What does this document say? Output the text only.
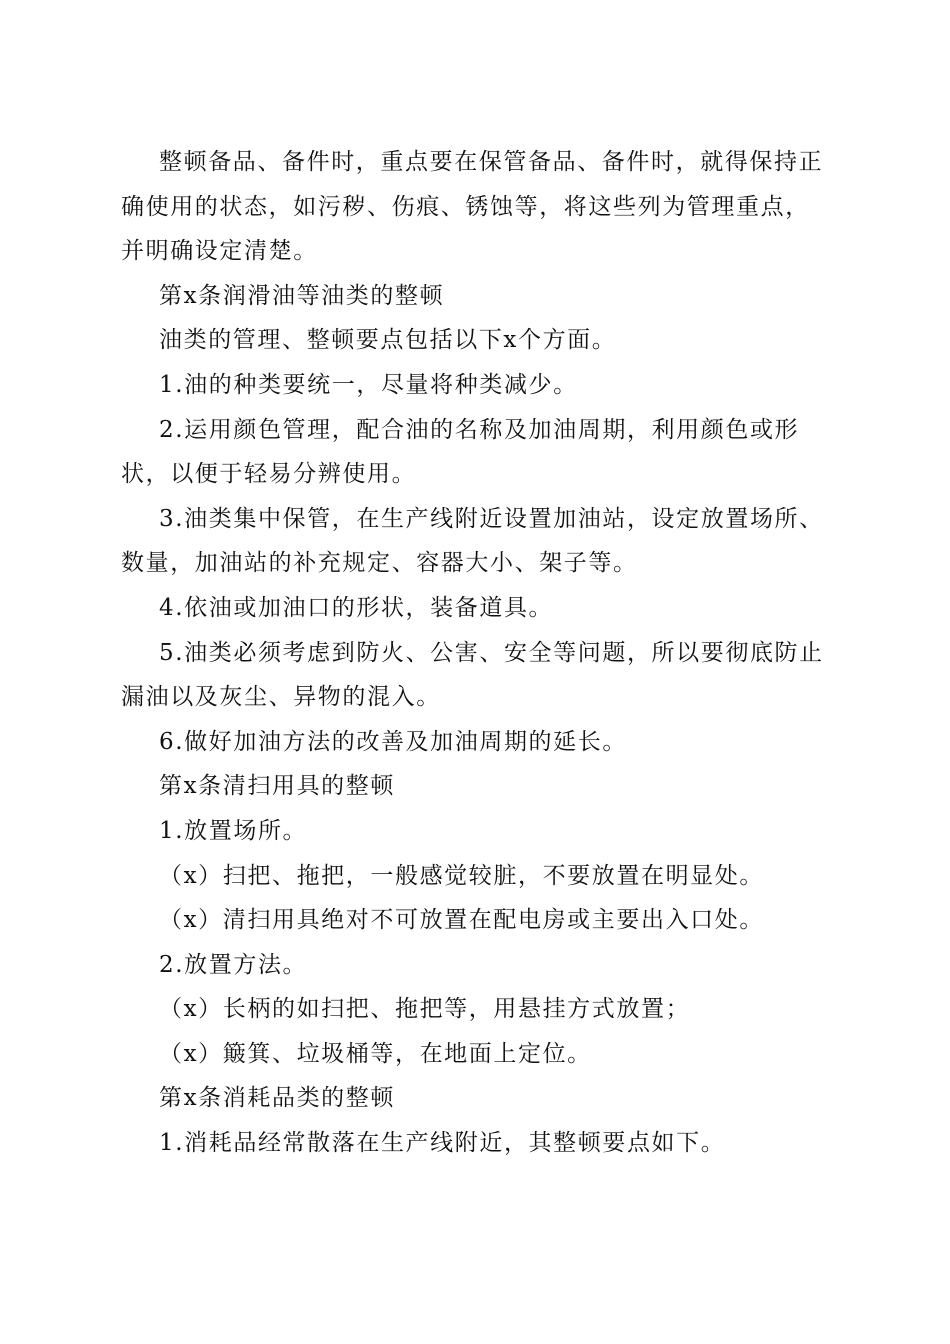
整顿备品、备件时，重点要在保管备品、备件时，就得保持正确使用的状态，如污秽、伤痕、锈蚀等，将这些列为管理重点，并明确设定清楚。

第x条润滑油等油类的整顿

油类的管理、整顿要点包括以下x个方面。

1.油的种类要统一，尽量将种类减少。

2.运用颜色管理，配合油的名称及加油周期，利用颜色或形状，以便于轻易分辨使用。

3.油类集中保管，在生产线附近设置加油站，设定放置场所、数量，加油站的补充规定、容器大小、架子等。

4.依油或加油口的形状，装备道具。

5.油类必须考虑到防火、公害、安全等问题，所以要彻底防止漏油以及灰尘、异物的混入。

6.做好加油方法的改善及加油周期的延长。

第x条清扫用具的整顿

1.放置场所。

（x）扫把、拖把，一般感觉较脏，不要放置在明显处。

（x）清扫用具绝对不可放置在配电房或主要出入口处。

2.放置方法。

（x）长柄的如扫把、拖把等，用悬挂方式放置；

（x）簸箕、垃圾桶等，在地面上定位。

第x条消耗品类的整顿

1.消耗品经常散落在生产线附近，其整顿要点如下。
